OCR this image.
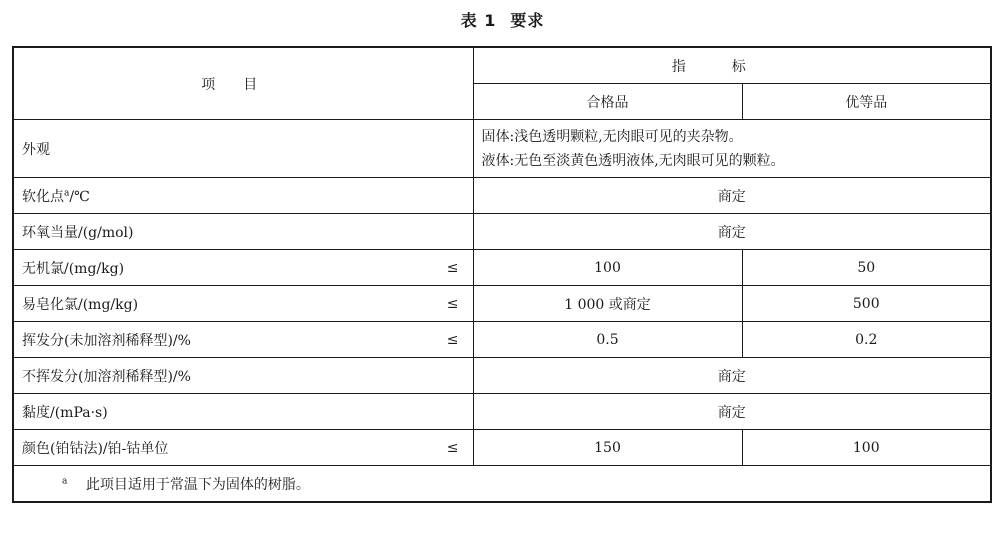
表 1 要求
项目	指标	
	合格品	优等品
外观	固体:浅色透明颗粒,无肉眼可见的夹杂物。
液体:无色至淡黄色透明液体,无肉眼可见的颗粒。	

软化点$^a$/℃	商定	
环氧当量/(g/mol)	商定	
无机氯/(mg/kg) ≤	100	50
易皂化氯/(mg/kg) ≤	1 000 或商定	500
挥发分(未加溶剂稀释型)/% ≤	0.5	0.2
不挥发分(加溶剂稀释型)/%	商定	
黏度/(mPa·s)	商定	
颜色(铂钴法)/铂-钴单位 ≤	150	100
$^a$ 此项目适用于常温下为固体的树脂。		
